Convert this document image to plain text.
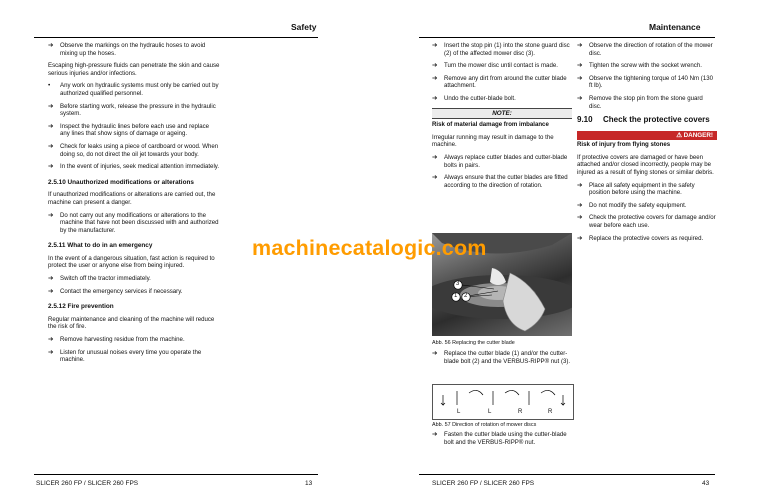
Safety
➔ Observe the markings on the hydraulic hoses to avoid mixing up the hoses.
Escaping high-pressure fluids can penetrate the skin and cause serious injuries and/or infections.
• Any work on hydraulic systems must only be carried out by authorized qualified personnel.
➔ Before starting work, release the pressure in the hydraulic system.
➔ Inspect the hydraulic lines before each use and replace any lines that show signs of damage or ageing.
➔ Check for leaks using a piece of cardboard or wood. When doing so, do not direct the oil jet towards your body.
➔ In the event of injuries, seek medical attention immediately.
2.5.10 Unauthorized modifications or alterations
If unauthorized modifications or alterations are carried out, the machine can present a danger.
➔ Do not carry out any modifications or alterations to the machine that have not been discussed with and authorized by the manufacturer.
2.5.11 What to do in an emergency
In the event of a dangerous situation, fast action is required to protect the user or anyone else from being injured.
➔ Switch off the tractor immediately.
➔ Contact the emergency services if necessary.
2.5.12 Fire prevention
Regular maintenance and cleaning of the machine will reduce the risk of fire.
➔ Remove harvesting residue from the machine.
➔ Listen for unusual noises every time you operate the machine.
SLICER 260 FP / SLICER 260 FPS	13
Maintenance
➔ Insert the stop pin (1) into the stone guard disc (2) of the affected mower disc (3).
➔ Turn the mower disc until contact is made.
➔ Remove any dirt from around the cutter blade attachment.
➔ Undo the cutter-blade bolt.
NOTE:
Risk of material damage from imbalance
Irregular running may result in damage to the machine.
➔ Always replace cutter blades and cutter-blade bolts in pairs.
➔ Always ensure that the cutter blades are fitted according to the direction of rotation.
➔ Observe the direction of rotation of the mower disc.
➔ Tighten the screw with the socket wrench.
➔ Observe the tightening torque of 140 Nm (130 ft lb).
➔ Remove the stop pin from the stone guard disc.
9.10 Check the protective covers
⚠ DANGER!
Risk of injury from flying stones
If protective covers are damaged or have been attached and/or closed incorrectly, people may be injured as a result of flying stones or similar debris.
➔ Place all safety equipment in the safety position before using the machine.
➔ Do not modify the safety equipment.
➔ Check the protective covers for damage and/or wear before each use.
➔ Replace the protective covers as required.
Abb. 56 Replacing the cutter blade
➔ Replace the cutter blade (1) and/or the cutter-blade bolt (2) and the VERBUS-RIPP® nut (3).
Abb. 57 Direction of rotation of mower discs
➔ Fasten the cutter blade using the cutter-blade bolt and the VERBUS-RIPP® nut.
SLICER 260 FP / SLICER 260 FPS	43
3
1 2
L	L	R	R
machinecatalogic.com
